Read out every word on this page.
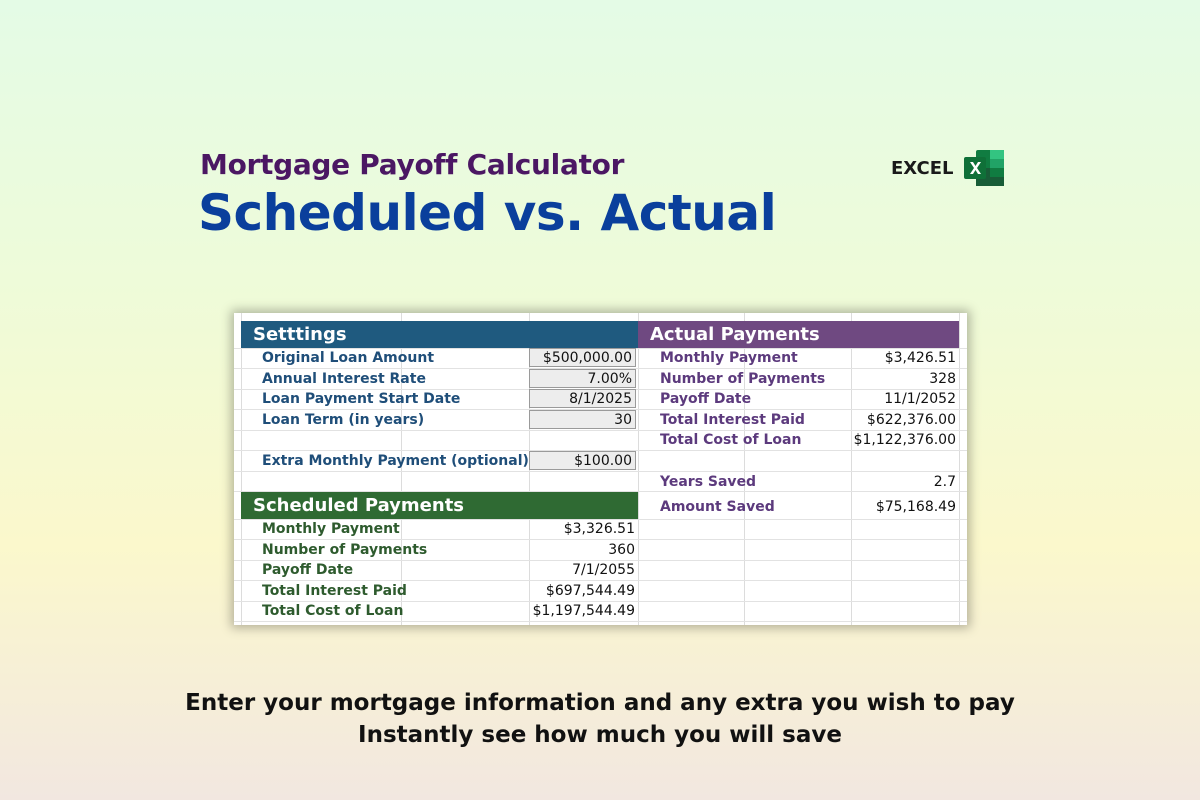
Mortgage Payoff Calculator
Scheduled vs. Actual
EXCEL
Setttings
Original Loan Amount	$500,000.00
Annual Interest Rate	7.00%
Loan Payment Start Date	8/1/2025
Loan Term (in years)	30
Extra Monthly Payment (optional)	$100.00
Scheduled Payments
Monthly Payment	$3,326.51
Number of Payments	360
Payoff Date	7/1/2055
Total Interest Paid	$697,544.49
Total Cost of Loan	$1,197,544.49
Actual Payments
Monthly Payment	$3,426.51
Number of Payments	328
Payoff Date	11/1/2052
Total Interest Paid	$622,376.00
Total Cost of Loan	$1,122,376.00
Years Saved	2.7
Amount Saved	$75,168.49
Enter your mortgage information and any extra you wish to pay
Instantly see how much you will save
